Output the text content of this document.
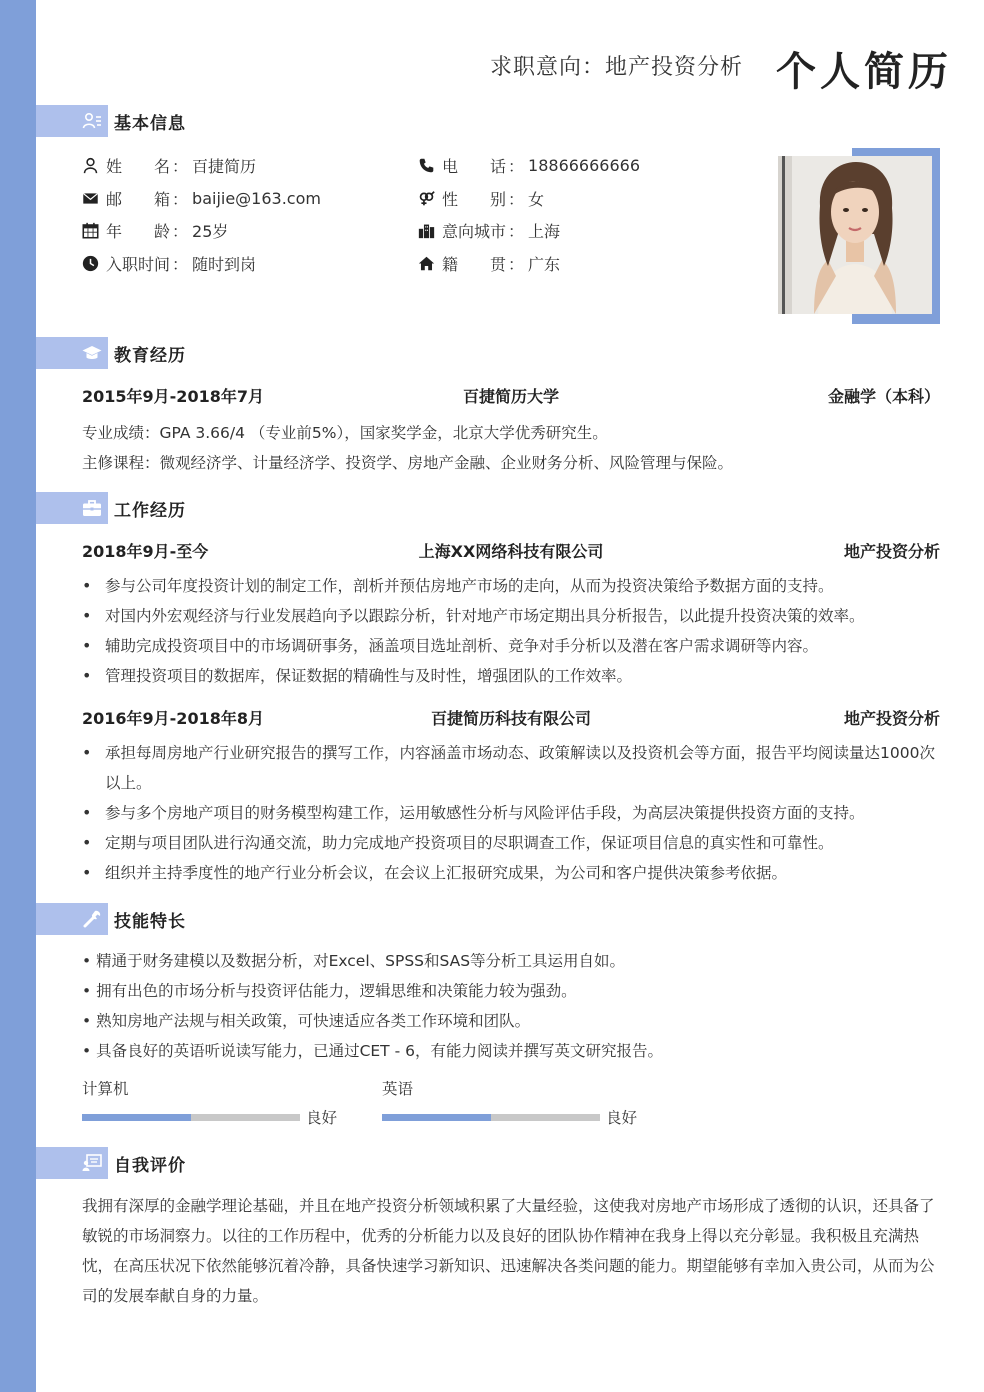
求职意向：地产投资分析 个人简历
基本信息
姓　　名 ： 百捷简历	电　　话 ： 18866666666
邮　　箱 ： baijie@163.com	性　　别 ： 女
年　　龄 ： 25岁	意向城市 ： 上海
入职时间 ： 随时到岗	籍　　贯 ： 广东
教育经历
2015年9月-2018年7月	百捷简历大学	金融学（本科）
专业成绩：GPA 3.66/4 （专业前5%），国家奖学金，北京大学优秀研究生。
主修课程：微观经济学、计量经济学、投资学、房地产金融、企业财务分析、风险管理与保险。
工作经历
2018年9月-至今	上海XX网络科技有限公司	地产投资分析
• 参与公司年度投资计划的制定工作，剖析并预估房地产市场的走向，从而为投资决策给予数据方面的支持。
• 对国内外宏观经济与行业发展趋向予以跟踪分析，针对地产市场定期出具分析报告，以此提升投资决策的效率。
• 辅助完成投资项目中的市场调研事务，涵盖项目选址剖析、竞争对手分析以及潜在客户需求调研等内容。
• 管理投资项目的数据库，保证数据的精确性与及时性，增强团队的工作效率。
2016年9月-2018年8月	百捷简历科技有限公司	地产投资分析
• 承担每周房地产行业研究报告的撰写工作，内容涵盖市场动态、政策解读以及投资机会等方面，报告平均阅读量达1000次以上。
• 参与多个房地产项目的财务模型构建工作，运用敏感性分析与风险评估手段，为高层决策提供投资方面的支持。
• 定期与项目团队进行沟通交流，助力完成地产投资项目的尽职调查工作，保证项目信息的真实性和可靠性。
• 组织并主持季度性的地产行业分析会议，在会议上汇报研究成果，为公司和客户提供决策参考依据。
技能特长
• 精通于财务建模以及数据分析，对Excel、SPSS和SAS等分析工具运用自如。
• 拥有出色的市场分析与投资评估能力，逻辑思维和决策能力较为强劲。
• 熟知房地产法规与相关政策，可快速适应各类工作环境和团队。
• 具备良好的英语听说读写能力，已通过CET - 6，有能力阅读并撰写英文研究报告。
计算机
良好
英语
良好
自我评价
我拥有深厚的金融学理论基础，并且在地产投资分析领域积累了大量经验，这使我对房地产市场形成了透彻的认识，还具备了敏锐的市场洞察力。以往的工作历程中，优秀的分析能力以及良好的团队协作精神在我身上得以充分彰显。我积极且充满热忱，在高压状况下依然能够沉着冷静，具备快速学习新知识、迅速解决各类问题的能力。期望能够有幸加入贵公司，从而为公司的发展奉献自身的力量。
